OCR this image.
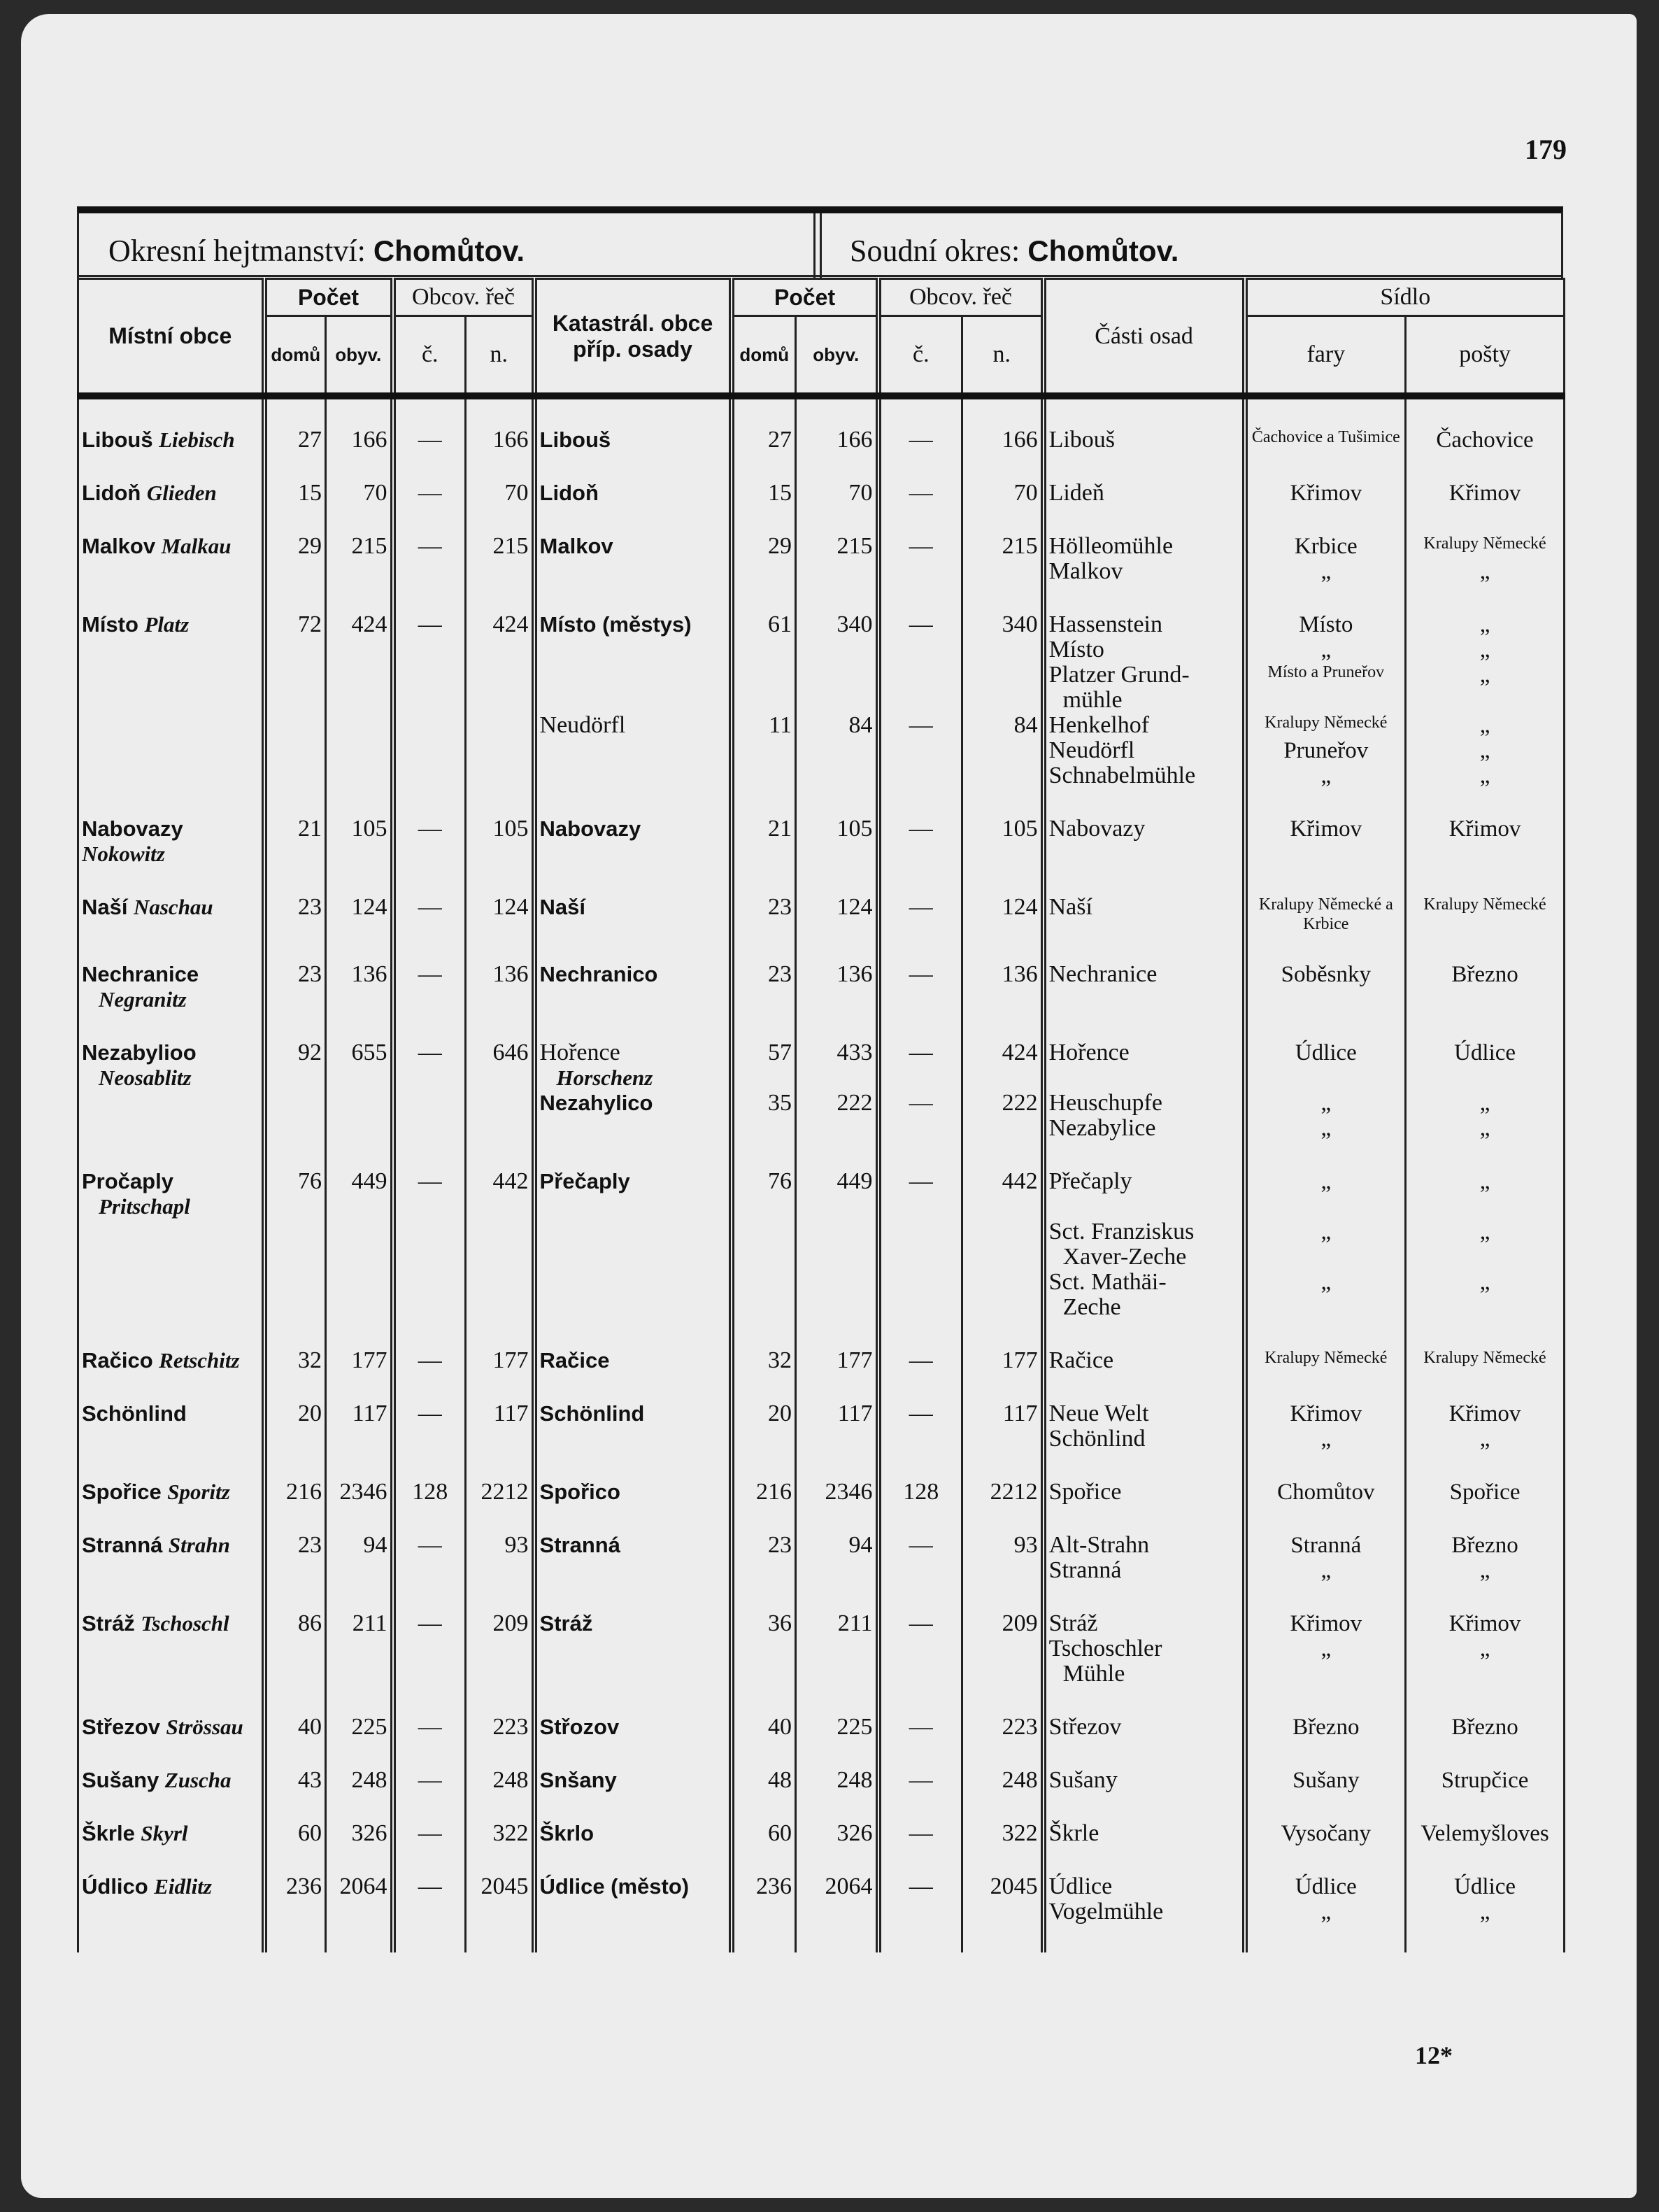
179
Okresní hejtmanství: Chomůtov.	Soudní okres: Chomůtov.
Místní obce	Počet		Obcov. řeč		Katastrál. obce příp. osady	Počet		Obcov. řeč		Části osad	Sídlo	
	domů	obyv.	č.	n.		domů	obyv.	č.	n.		fary	pošty

Libouš Liebisch	27	166	—	166	Libouš	27	166	—	166	Libouš	Čachovice a Tušimice	Čachovice

Lidoň Glieden	15	70	—	70	Lidoň	15	70	—	70	Lideň	Křimov	Křimov

Malkov Malkau	29	215	—	215	Malkov	29	215	—	215	Hölleomühle	Krbice	Kralupy Německé
										Malkov	„	„

Místo Platz	72	424	—	424	Místo (městys)	61	340	—	340	Hassenstein	Místo	„
										Místo	„	„
										Platzer Grund-	Místo a Pruneřov	„
										mühle		
					Neudörfl	11	84	—	84	Henkelhof	Kralupy Německé	„
										Neudörfl	Pruneřov	„
										Schnabelmühle	„	„

Nabovazy Nokowitz	21	105	—	105	Nabovazy	21	105	—	105	Nabovazy	Křimov	Křimov

Naší Naschau	23	124	—	124	Naší	23	124	—	124	Naší	Kralupy Německé a Krbice	Kralupy Německé

Nechranice
Negranitz	23	136	—	136	Nechranico	23	136	—	136	Nechranice	Soběsnky	Březno

Nezabylioo
Neosablitz	92	655	—	646	Hořence
Horschenz	57	433	—	424	Hořence	Údlice	Údlice
					Nezahylico	35	222	—	222	Heuschupfe	„	„
										Nezabylice	„	„

Pročaply
Pritschapl	76	449	—	442	Přečaply	76	449	—	442	Přečaply	„	„
										Sct. Franziskus	„	„
										Xaver-Zeche		
										Sct. Mathäi-	„	„
										Zeche		

Račico Retschitz	32	177	—	177	Račice	32	177	—	177	Račice	Kralupy Německé	Kralupy Německé

Schönlind	20	117	—	117	Schönlind	20	117	—	117	Neue Welt	Křimov	Křimov
										Schönlind	„	„

Spořice Sporitz	216	2346	128	2212	Spořico	216	2346	128	2212	Spořice	Chomůtov	Spořice

Stranná Strahn	23	94	—	93	Stranná	23	94	—	93	Alt-Strahn	Stranná	Březno
										Stranná	„	„

Stráž Tschoschl	86	211	—	209	Stráž	36	211	—	209	Stráž	Křimov	Křimov
										Tschoschler	„	„
										Mühle		

Střezov Strössau	40	225	—	223	Střozov	40	225	—	223	Střezov	Březno	Březno

Sušany Zuscha	43	248	—	248	Snšany	48	248	—	248	Sušany	Sušany	Strupčice

Škrle Skyrl	60	326	—	322	Škrlo	60	326	—	322	Škrle	Vysočany	Velemyšloves

Údlico Eidlitz	236	2064	—	2045	Údlice (město)	236	2064	—	2045	Údlice	Údlice	Údlice
										Vogelmühle	„	„

12*
